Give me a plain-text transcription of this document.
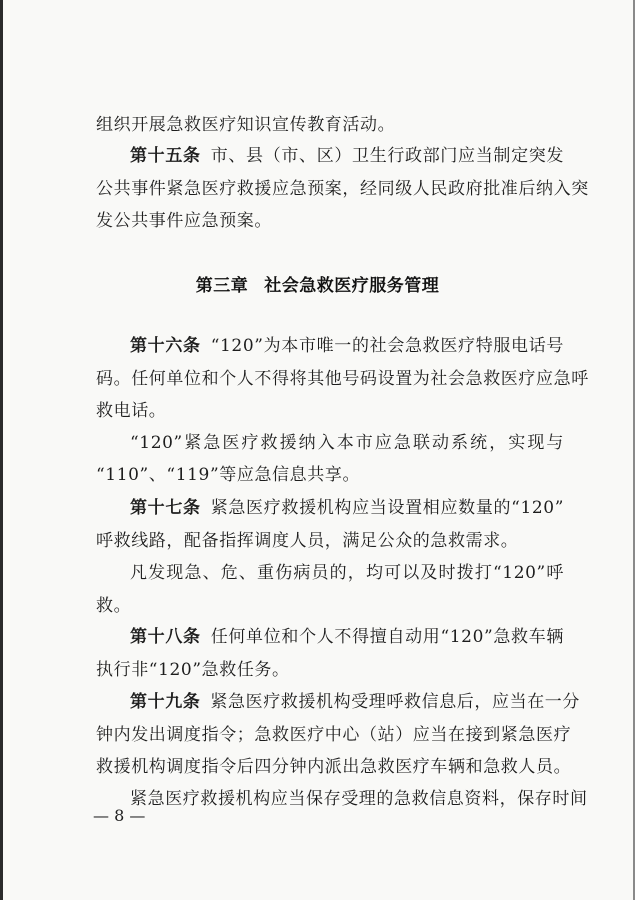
组织开展急救医疗知识宣传教育活动。
第十五条 市、县（市、区）卫生行政部门应当制定突发
公共事件紧急医疗救援应急预案，经同级人民政府批准后纳入突
发公共事件应急预案。
第三章 社会急救医疗服务管理
第十六条 “120”为本市唯一的社会急救医疗特服电话号
码。任何单位和个人不得将其他号码设置为社会急救医疗应急呼
救电话。
“120”紧急医疗救援纳入本市应急联动系统，实现与
“110”、“119”等应急信息共享。
第十七条 紧急医疗救援机构应当设置相应数量的“120”
呼救线路，配备指挥调度人员，满足公众的急救需求。
凡发现急、危、重伤病员的，均可以及时拨打“120”呼
救。
第十八条 任何单位和个人不得擅自动用“120”急救车辆
执行非“120”急救任务。
第十九条 紧急医疗救援机构受理呼救信息后，应当在一分
钟内发出调度指令；急救医疗中心（站）应当在接到紧急医疗
救援机构调度指令后四分钟内派出急救医疗车辆和急救人员。
紧急医疗救援机构应当保存受理的急救信息资料，保存时间
— 8 —
